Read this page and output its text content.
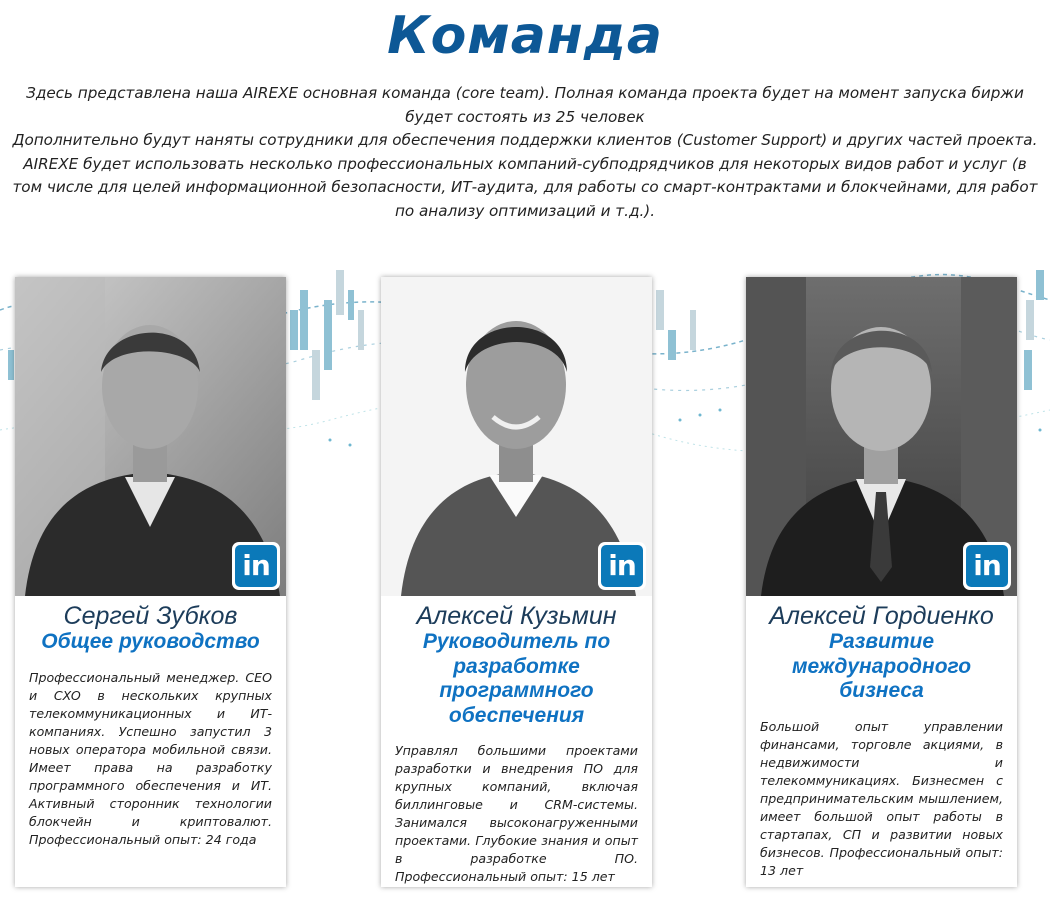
Команда

Здесь представлена наша AIREXE основная команда (core team). Полная команда проекта будет на момент запуска биржи будет состоять из 25 человек

Дополнительно будут наняты сотрудники для обеспечения поддержки клиентов (Customer Support) и других частей проекта.

AIREXE будет использовать несколько профессиональных компаний-субподрядчиков для некоторых видов работ и услуг (в том числе для целей информационной безопасности, ИТ-аудита, для работы со смарт-контрактами и блокчейнами, для работ по анализу оптимизаций и т.д.).

in
Сергей Зубков
Общее руководство
Профессиональный менеджер. CEO и CXO в нескольких крупных телекоммуникационных и ИТ-компаниях. Успешно запустил 3 новых оператора мобильной связи. Имеет права на разработку программного обеспечения и ИТ. Активный сторонник технологии блокчейн и криптовалют. Профессиональный опыт: 24 года
in
Алексей Кузьмин
Руководитель по разработке программного обеспечения
Управлял большими проектами разработки и внедрения ПО для крупных компаний, включая биллинговые и CRM-системы. Занимался высоконагруженными проектами. Глубокие знания и опыт в разработке ПО. Профессиональный опыт: 15 лет
in
Алексей Гордиенко
Развитие международного бизнеса
Большой опыт управлении финансами, торговле акциями, в недвижимости и телекоммуникациях. Бизнесмен с предпринимательским мышлением, имеет большой опыт работы в стартапах, СП и развитии новых бизнесов. Профессиональный опыт: 13 лет
